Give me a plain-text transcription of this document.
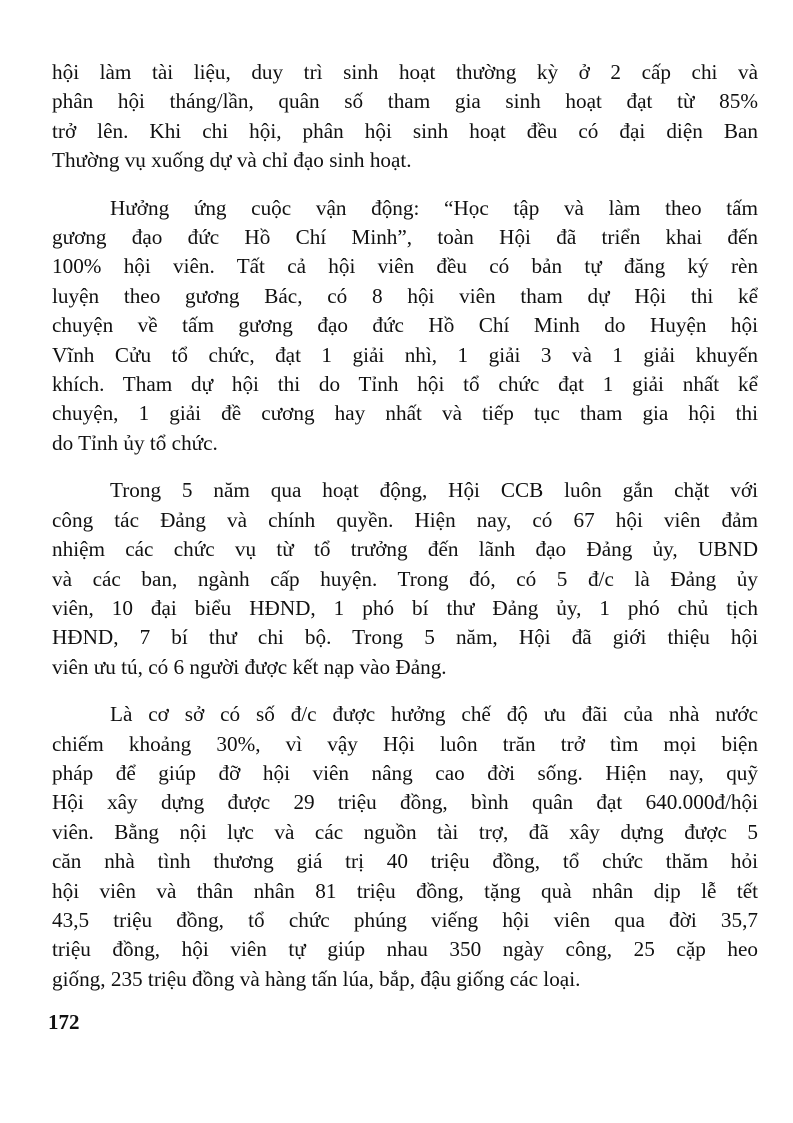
hội làm tài liệu, duy trì sinh hoạt thường kỳ ở 2 cấp chi và
phân hội tháng/lần, quân số tham gia sinh hoạt đạt từ 85%
trở lên. Khi chi hội, phân hội sinh hoạt đều có đại diện Ban
Thường vụ xuống dự và chỉ đạo sinh hoạt.

Hưởng ứng cuộc vận động: “Học tập và làm theo tấm
gương đạo đức Hồ Chí Minh”, toàn Hội đã triển khai đến
100% hội viên. Tất cả hội viên đều có bản tự đăng ký rèn
luyện theo gương Bác, có 8 hội viên tham dự Hội thi kể
chuyện về tấm gương đạo đức Hồ Chí Minh do Huyện hội
Vĩnh Cửu tổ chức, đạt 1 giải nhì, 1 giải 3 và 1 giải khuyến
khích. Tham dự hội thi do Tỉnh hội tổ chức đạt 1 giải nhất kể
chuyện, 1 giải đề cương hay nhất và tiếp tục tham gia hội thi
do Tỉnh ủy tổ chức.

Trong 5 năm qua hoạt động, Hội CCB luôn gắn chặt với
công tác Đảng và chính quyền. Hiện nay, có 67 hội viên đảm
nhiệm các chức vụ từ tổ trưởng đến lãnh đạo Đảng ủy, UBND
và các ban, ngành cấp huyện. Trong đó, có 5 đ/c là Đảng ủy
viên, 10 đại biểu HĐND, 1 phó bí thư Đảng ủy, 1 phó chủ tịch
HĐND, 7 bí thư chi bộ. Trong 5 năm, Hội đã giới thiệu hội
viên ưu tú, có 6 người được kết nạp vào Đảng.

Là cơ sở có số đ/c được hưởng chế độ ưu đãi của nhà nước
chiếm khoảng 30%, vì vậy Hội luôn trăn trở tìm mọi biện
pháp để giúp đỡ hội viên nâng cao đời sống. Hiện nay, quỹ
Hội xây dựng được 29 triệu đồng, bình quân đạt 640.000đ/hội
viên. Bằng nội lực và các nguồn tài trợ, đã xây dựng được 5
căn nhà tình thương giá trị 40 triệu đồng, tổ chức thăm hỏi
hội viên và thân nhân 81 triệu đồng, tặng quà nhân dịp lễ tết
43,5 triệu đồng, tổ chức phúng viếng hội viên qua đời 35,7
triệu đồng, hội viên tự giúp nhau 350 ngày công, 25 cặp heo
giống, 235 triệu đồng và hàng tấn lúa, bắp, đậu giống các loại.

172
